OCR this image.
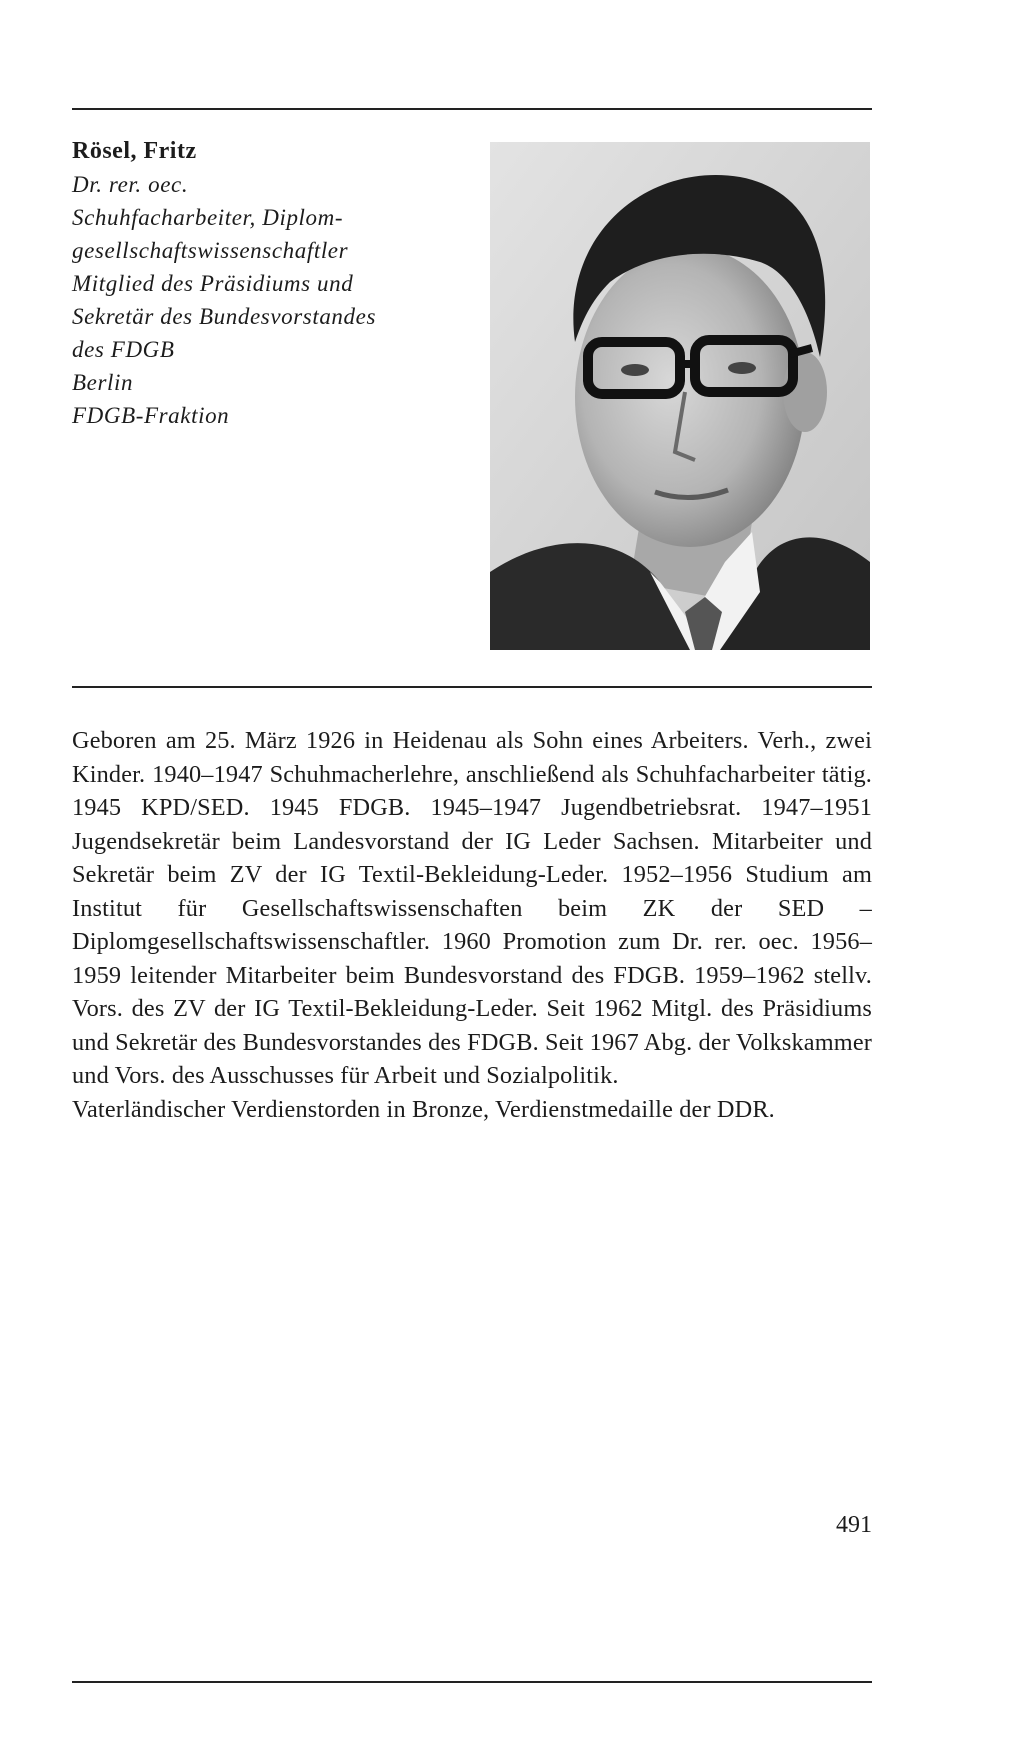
Rösel, Fritz

Dr. rer. oec.

Schuhfacharbeiter, Diplom-

gesellschaftswissenschaftler

Mitglied des Präsidiums und

Sekretär des Bundesvorstandes

des FDGB

Berlin

FDGB-Fraktion

Geboren am 25. März 1926 in Heidenau als Sohn eines Arbeiters. Verh., zwei Kinder. 1940–1947 Schuhmacherlehre, anschließend als Schuhfacharbeiter tätig. 1945 KPD/SED. 1945 FDGB. 1945–1947 Jugendbetriebsrat. 1947–1951 Jugendsekretär beim Landesvorstand der IG Leder Sachsen. Mitarbeiter und Sekretär beim ZV der IG Textil-Bekleidung-Leder. 1952–1956 Studium am Institut für Gesellschaftswissenschaften beim ZK der SED – Diplomgesellschaftswissenschaftler. 1960 Promotion zum Dr. rer. oec. 1956–1959 leitender Mitarbeiter beim Bundesvorstand des FDGB. 1959–1962 stellv. Vors. des ZV der IG Textil-Bekleidung-Leder. Seit 1962 Mitgl. des Präsidiums und Sekretär des Bundesvorstandes des FDGB. Seit 1967 Abg. der Volkskammer und Vors. des Ausschusses für Arbeit und Sozialpolitik.

Vaterländischer Verdienstorden in Bronze, Verdienstmedaille der DDR.

491
